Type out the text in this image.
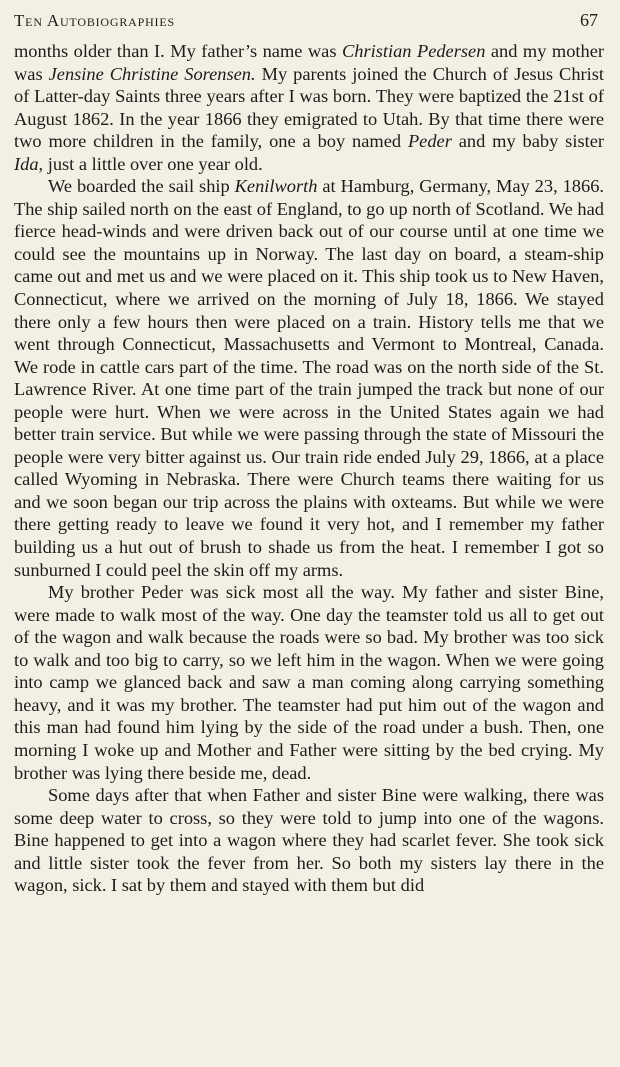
Ten Autobiographies	67

months older than I. My father’s name was Christian Pedersen and my mother was Jensine Christine Sorensen. My parents joined the Church of Jesus Christ of Latter-day Saints three years after I was born. They were baptized the 21st of August 1862. In the year 1866 they emigrated to Utah. By that time there were two more children in the family, one a boy named Peder and my baby sister Ida, just a little over one year old.

We boarded the sail ship Kenilworth at Hamburg, Germany, May 23, 1866. The ship sailed north on the east of England, to go up north of Scotland. We had fierce head-winds and were driven back out of our course until at one time we could see the mountains up in Norway. The last day on board, a steam-ship came out and met us and we were placed on it. This ship took us to New Haven, Connecticut, where we arrived on the morning of July 18, 1866. We stayed there only a few hours then were placed on a train. History tells me that we went through Connecticut, Massachusetts and Vermont to Montreal, Canada. We rode in cattle cars part of the time. The road was on the north side of the St. Lawrence River. At one time part of the train jumped the track but none of our people were hurt. When we were across in the United States again we had better train service. But while we were passing through the state of Missouri the people were very bitter against us. Our train ride ended July 29, 1866, at a place called Wyoming in Nebraska. There were Church teams there waiting for us and we soon began our trip across the plains with oxteams. But while we were there getting ready to leave we found it very hot, and I remember my father building us a hut out of brush to shade us from the heat. I remember I got so sunburned I could peel the skin off my arms.

My brother Peder was sick most all the way. My father and sister Bine, were made to walk most of the way. One day the teamster told us all to get out of the wagon and walk because the roads were so bad. My brother was too sick to walk and too big to carry, so we left him in the wagon. When we were going into camp we glanced back and saw a man coming along carrying something heavy, and it was my brother. The teamster had put him out of the wagon and this man had found him lying by the side of the road under a bush. Then, one morning I woke up and Mother and Father were sitting by the bed crying. My brother was lying there beside me, dead.

Some days after that when Father and sister Bine were walking, there was some deep water to cross, so they were told to jump into one of the wagons. Bine happened to get into a wagon where they had scarlet fever. She took sick and little sister took the fever from her. So both my sisters lay there in the wagon, sick. I sat by them and stayed with them but did
